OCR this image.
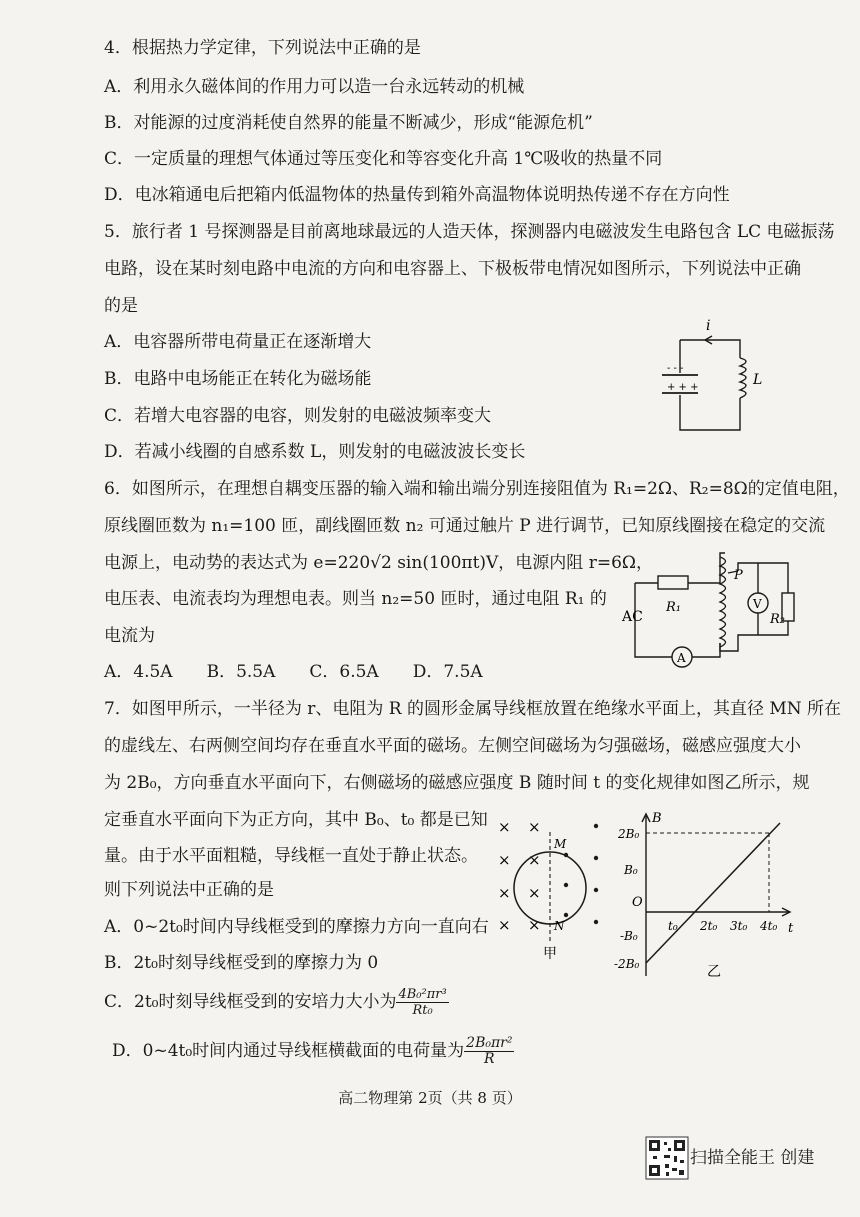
4．根据热力学定律，下列说法中正确的是
A．利用永久磁体间的作用力可以造一台永远转动的机械
B．对能源的过度消耗使自然界的能量不断减少，形成“能源危机”
C．一定质量的理想气体通过等压变化和等容变化升高 1℃吸收的热量不同
D．电冰箱通电后把箱内低温物体的热量传到箱外高温物体说明热传递不存在方向性
5．旅行者 1 号探测器是目前离地球最远的人造天体，探测器内电磁波发生电路包含 LC 电磁振荡
电路，设在某时刻电路中电流的方向和电容器上、下极板带电情况如图所示，下列说法中正确
的是
A．电容器所带电荷量正在逐渐增大
B．电路中电场能正在转化为磁场能
C．若增大电容器的电容，则发射的电磁波频率变大
D．若减小线圈的自感系数 L，则发射的电磁波波长变长
i
L
- - -
+ + +
6．如图所示，在理想自耦变压器的输入端和输出端分别连接阻值为 R₁=2Ω、R₂=8Ω的定值电阻，
原线圈匝数为 n₁=100 匝，副线圈匝数 n₂ 可通过触片 P 进行调节，已知原线圈接在稳定的交流
电源上，电动势的表达式为 e=220√2 sin(100πt)V，电源内阻 r=6Ω，
电压表、电流表均为理想电表。则当 n₂=50 匝时，通过电阻 R₁ 的
电流为
A．4.5A　　B．5.5A　　C．6.5A　　D．7.5A
A
V
AC
R₁
R₂
P
7．如图甲所示，一半径为 r、电阻为 R 的圆形金属导线框放置在绝缘水平面上，其直径 MN 所在
的虚线左、右两侧空间均存在垂直水平面的磁场。左侧空间磁场为匀强磁场，磁感应强度大小
为 2B₀，方向垂直水平面向下，右侧磁场的磁感应强度 B 随时间 t 的变化规律如图乙所示，规
定垂直水平面向下为正方向，其中 B₀、t₀ 都是已知
量。由于水平面粗糙，导线框一直处于静止状态。
则下列说法中正确的是
A．0~2t₀时间内导线框受到的摩擦力方向一直向右
B．2t₀时刻导线框受到的摩擦力为 0
C．2t₀时刻导线框受到的安培力大小为 $\frac{\text{4B₀²πr³}}{\text{Rt₀}}$
D．0~4t₀时间内通过导线框横截面的电荷量为 $\frac{\text{2B₀πr²}}{R}$
× ×
× ×
× ×
× ×
M
N
甲
B
t
O
2B₀
B₀
-B₀
-2B₀
t₀ 2t₀ 3t₀ 4t₀
乙
高二物理第 2页（共 8 页）
扫描全能王 创建
